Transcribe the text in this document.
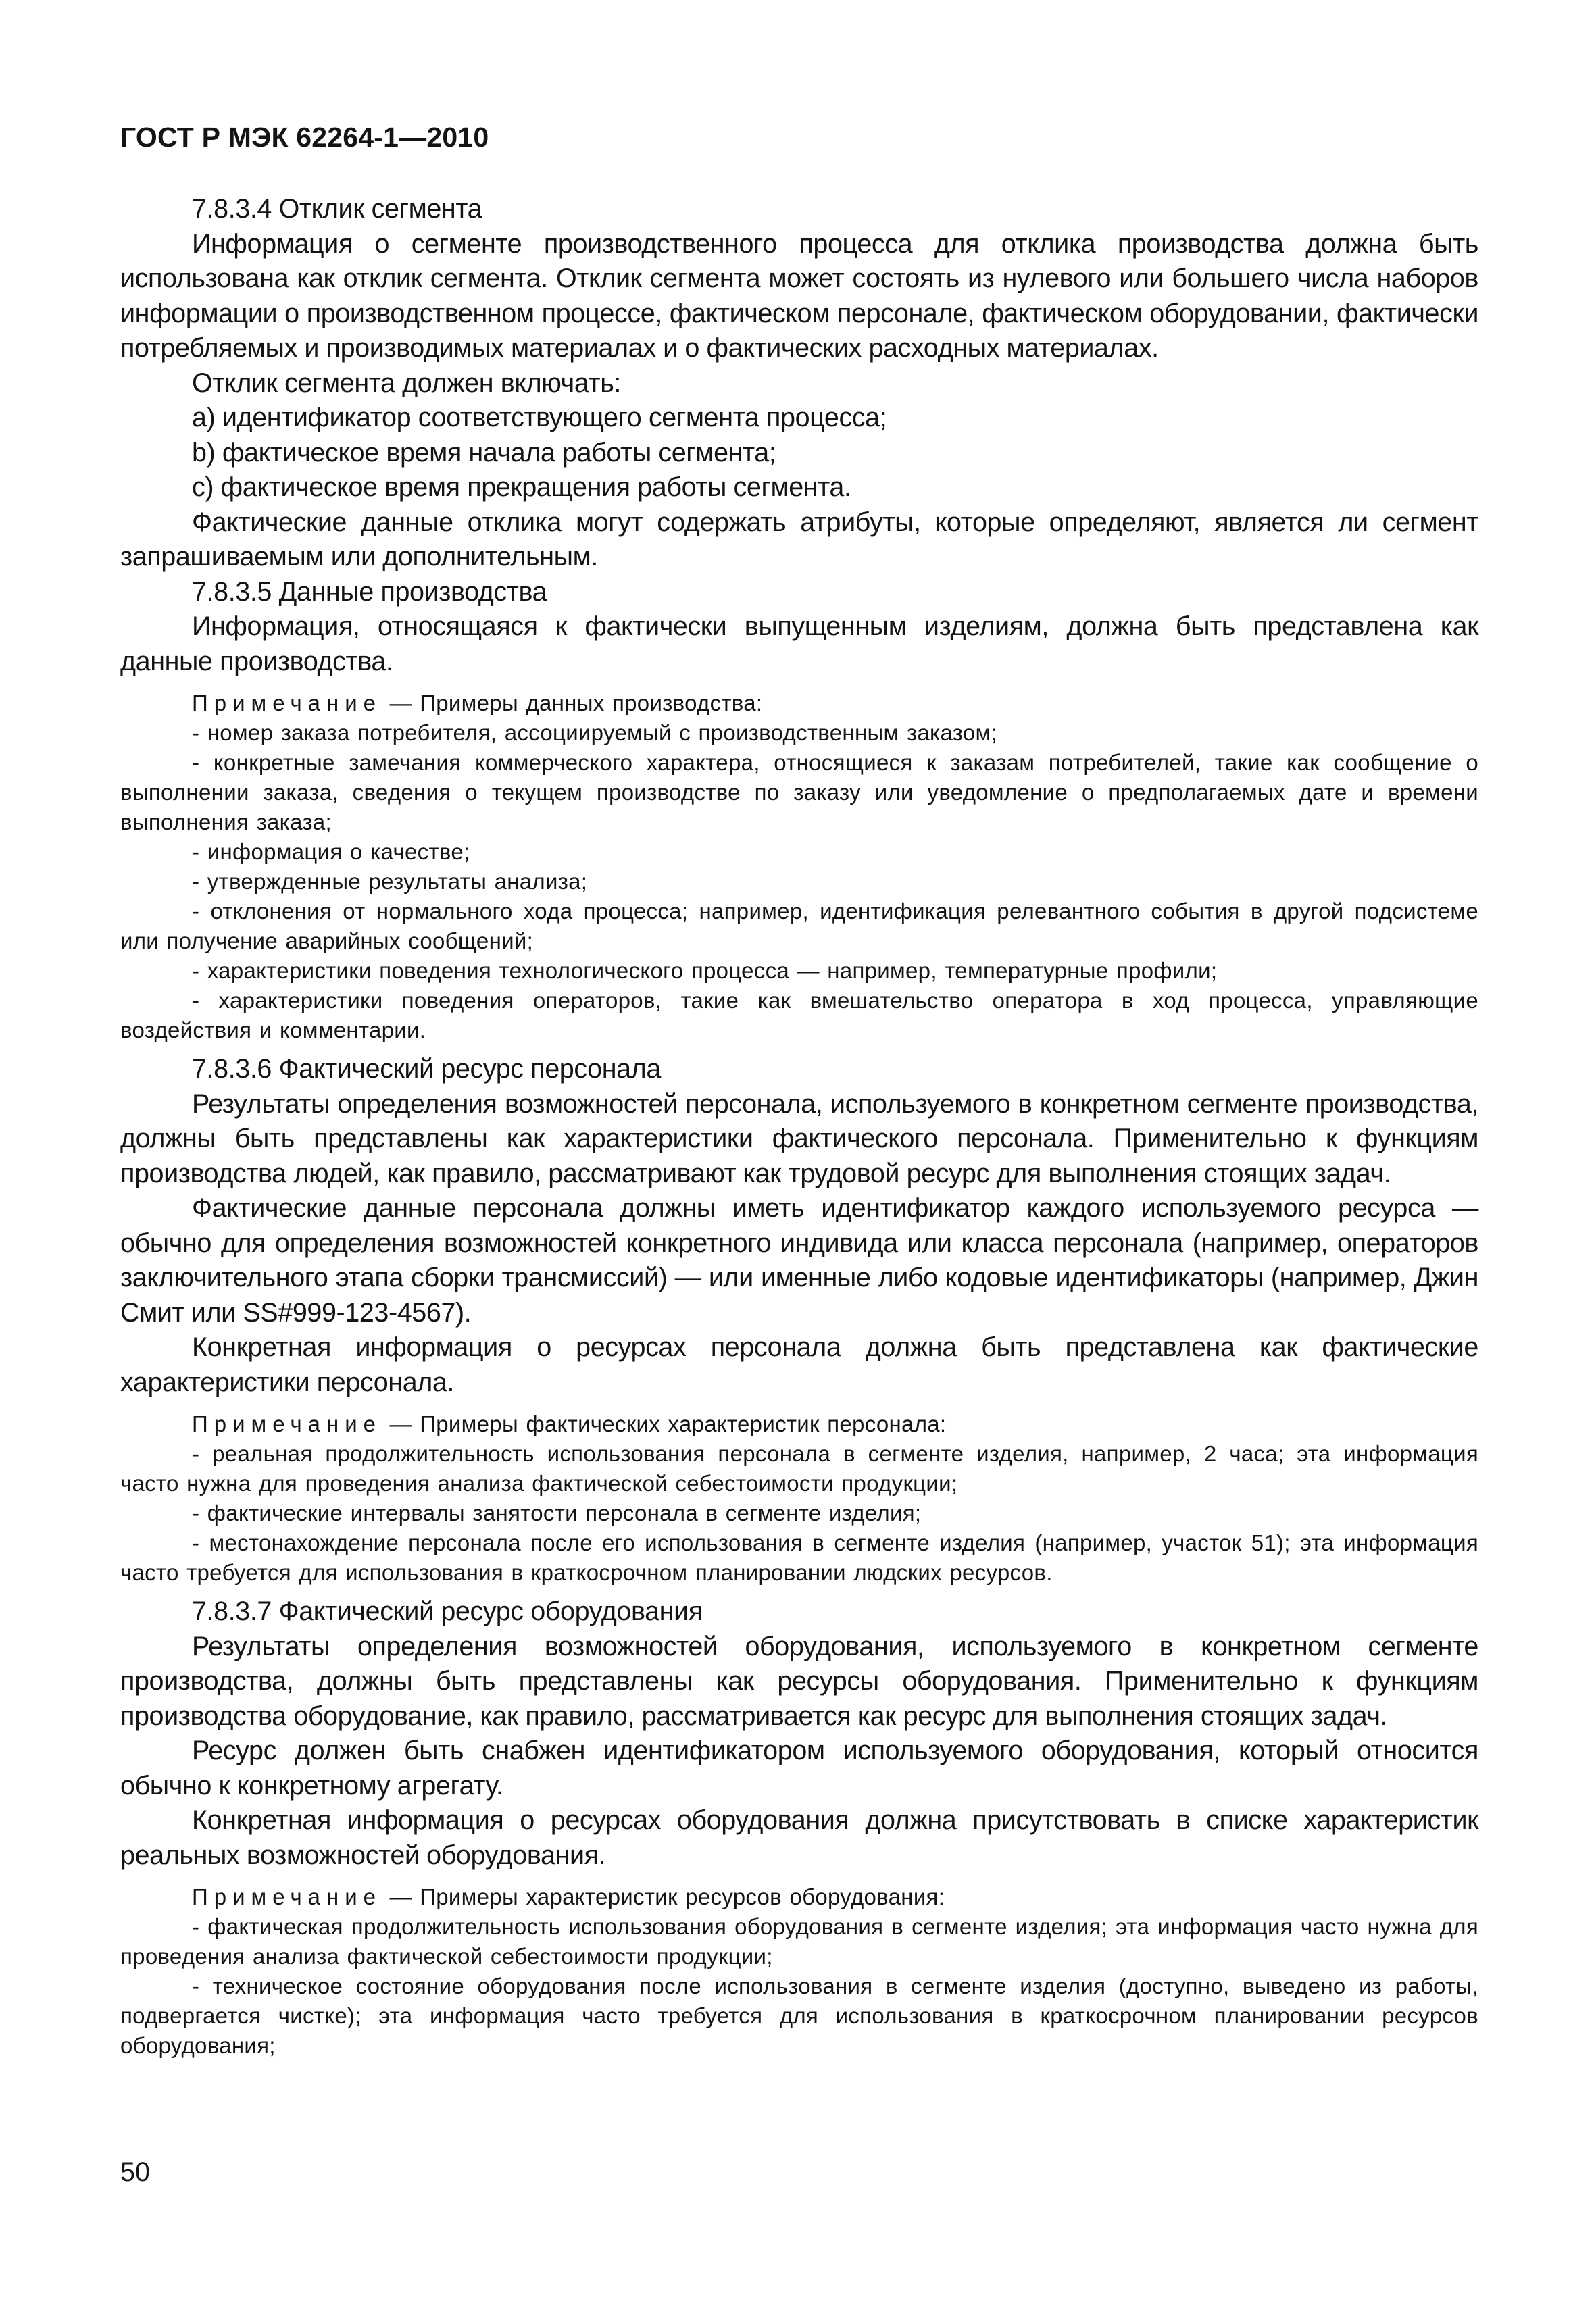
ГОСТ Р МЭК 62264-1—2010
7.8.3.4 Отклик сегмента

Информация о сегменте производственного процесса для отклика производства должна быть использована как отклик сегмента. Отклик сегмента может состоять из нулевого или большего числа наборов информации о производственном процессе, фактическом персонале, фактическом оборудовании, фактически потребляемых и производимых материалах и о фактических расходных материалах.

Отклик сегмента должен включать:

a) идентификатор соответствующего сегмента процесса;

b) фактическое время начала работы сегмента;

c) фактическое время прекращения работы сегмента.

Фактические данные отклика могут содержать атрибуты, которые определяют, является ли сегмент запрашиваемым или дополнительным.

7.8.3.5 Данные производства

Информация, относящаяся к фактически выпущенным изделиям, должна быть представлена как данные производства.

Примечание — Примеры данных производства:

- номер заказа потребителя, ассоциируемый с производственным заказом;

- конкретные замечания коммерческого характера, относящиеся к заказам потребителей, такие как сообщение о выполнении заказа, сведения о текущем производстве по заказу или уведомление о предполагаемых дате и времени выполнения заказа;

- информация о качестве;

- утвержденные результаты анализа;

- отклонения от нормального хода процесса; например, идентификация релевантного события в другой подсистеме или получение аварийных сообщений;

- характеристики поведения технологического процесса — например, температурные профили;

- характеристики поведения операторов, такие как вмешательство оператора в ход процесса, управляющие воздействия и комментарии.

7.8.3.6 Фактический ресурс персонала

Результаты определения возможностей персонала, используемого в конкретном сегменте производства, должны быть представлены как характеристики фактического персонала. Применительно к функциям производства людей, как правило, рассматривают как трудовой ресурс для выполнения стоящих задач.

Фактические данные персонала должны иметь идентификатор каждого используемого ресурса — обычно для определения возможностей конкретного индивида или класса персонала (например, операторов заключительного этапа сборки трансмиссий) — или именные либо кодовые идентификаторы (например, Джин Смит или SS#999-123-4567).

Конкретная информация о ресурсах персонала должна быть представлена как фактические характеристики персонала.

Примечание — Примеры фактических характеристик персонала:

- реальная продолжительность использования персонала в сегменте изделия, например, 2 часа; эта информация часто нужна для проведения анализа фактической себестоимости продукции;

- фактические интервалы занятости персонала в сегменте изделия;

- местонахождение персонала после его использования в сегменте изделия (например, участок 51); эта информация часто требуется для использования в краткосрочном планировании людских ресурсов.

7.8.3.7 Фактический ресурс оборудования

Результаты определения возможностей оборудования, используемого в конкретном сегменте производства, должны быть представлены как ресурсы оборудования. Применительно к функциям производства оборудование, как правило, рассматривается как ресурс для выполнения стоящих задач.

Ресурс должен быть снабжен идентификатором используемого оборудования, который относится обычно к конкретному агрегату.

Конкретная информация о ресурсах оборудования должна присутствовать в списке характеристик реальных возможностей оборудования.

Примечание — Примеры характеристик ресурсов оборудования:

- фактическая продолжительность использования оборудования в сегменте изделия; эта информация часто нужна для проведения анализа фактической себестоимости продукции;

- техническое состояние оборудования после использования в сегменте изделия (доступно, выведено из работы, подвергается чистке); эта информация часто требуется для использования в краткосрочном планировании ресурсов оборудования;

50
